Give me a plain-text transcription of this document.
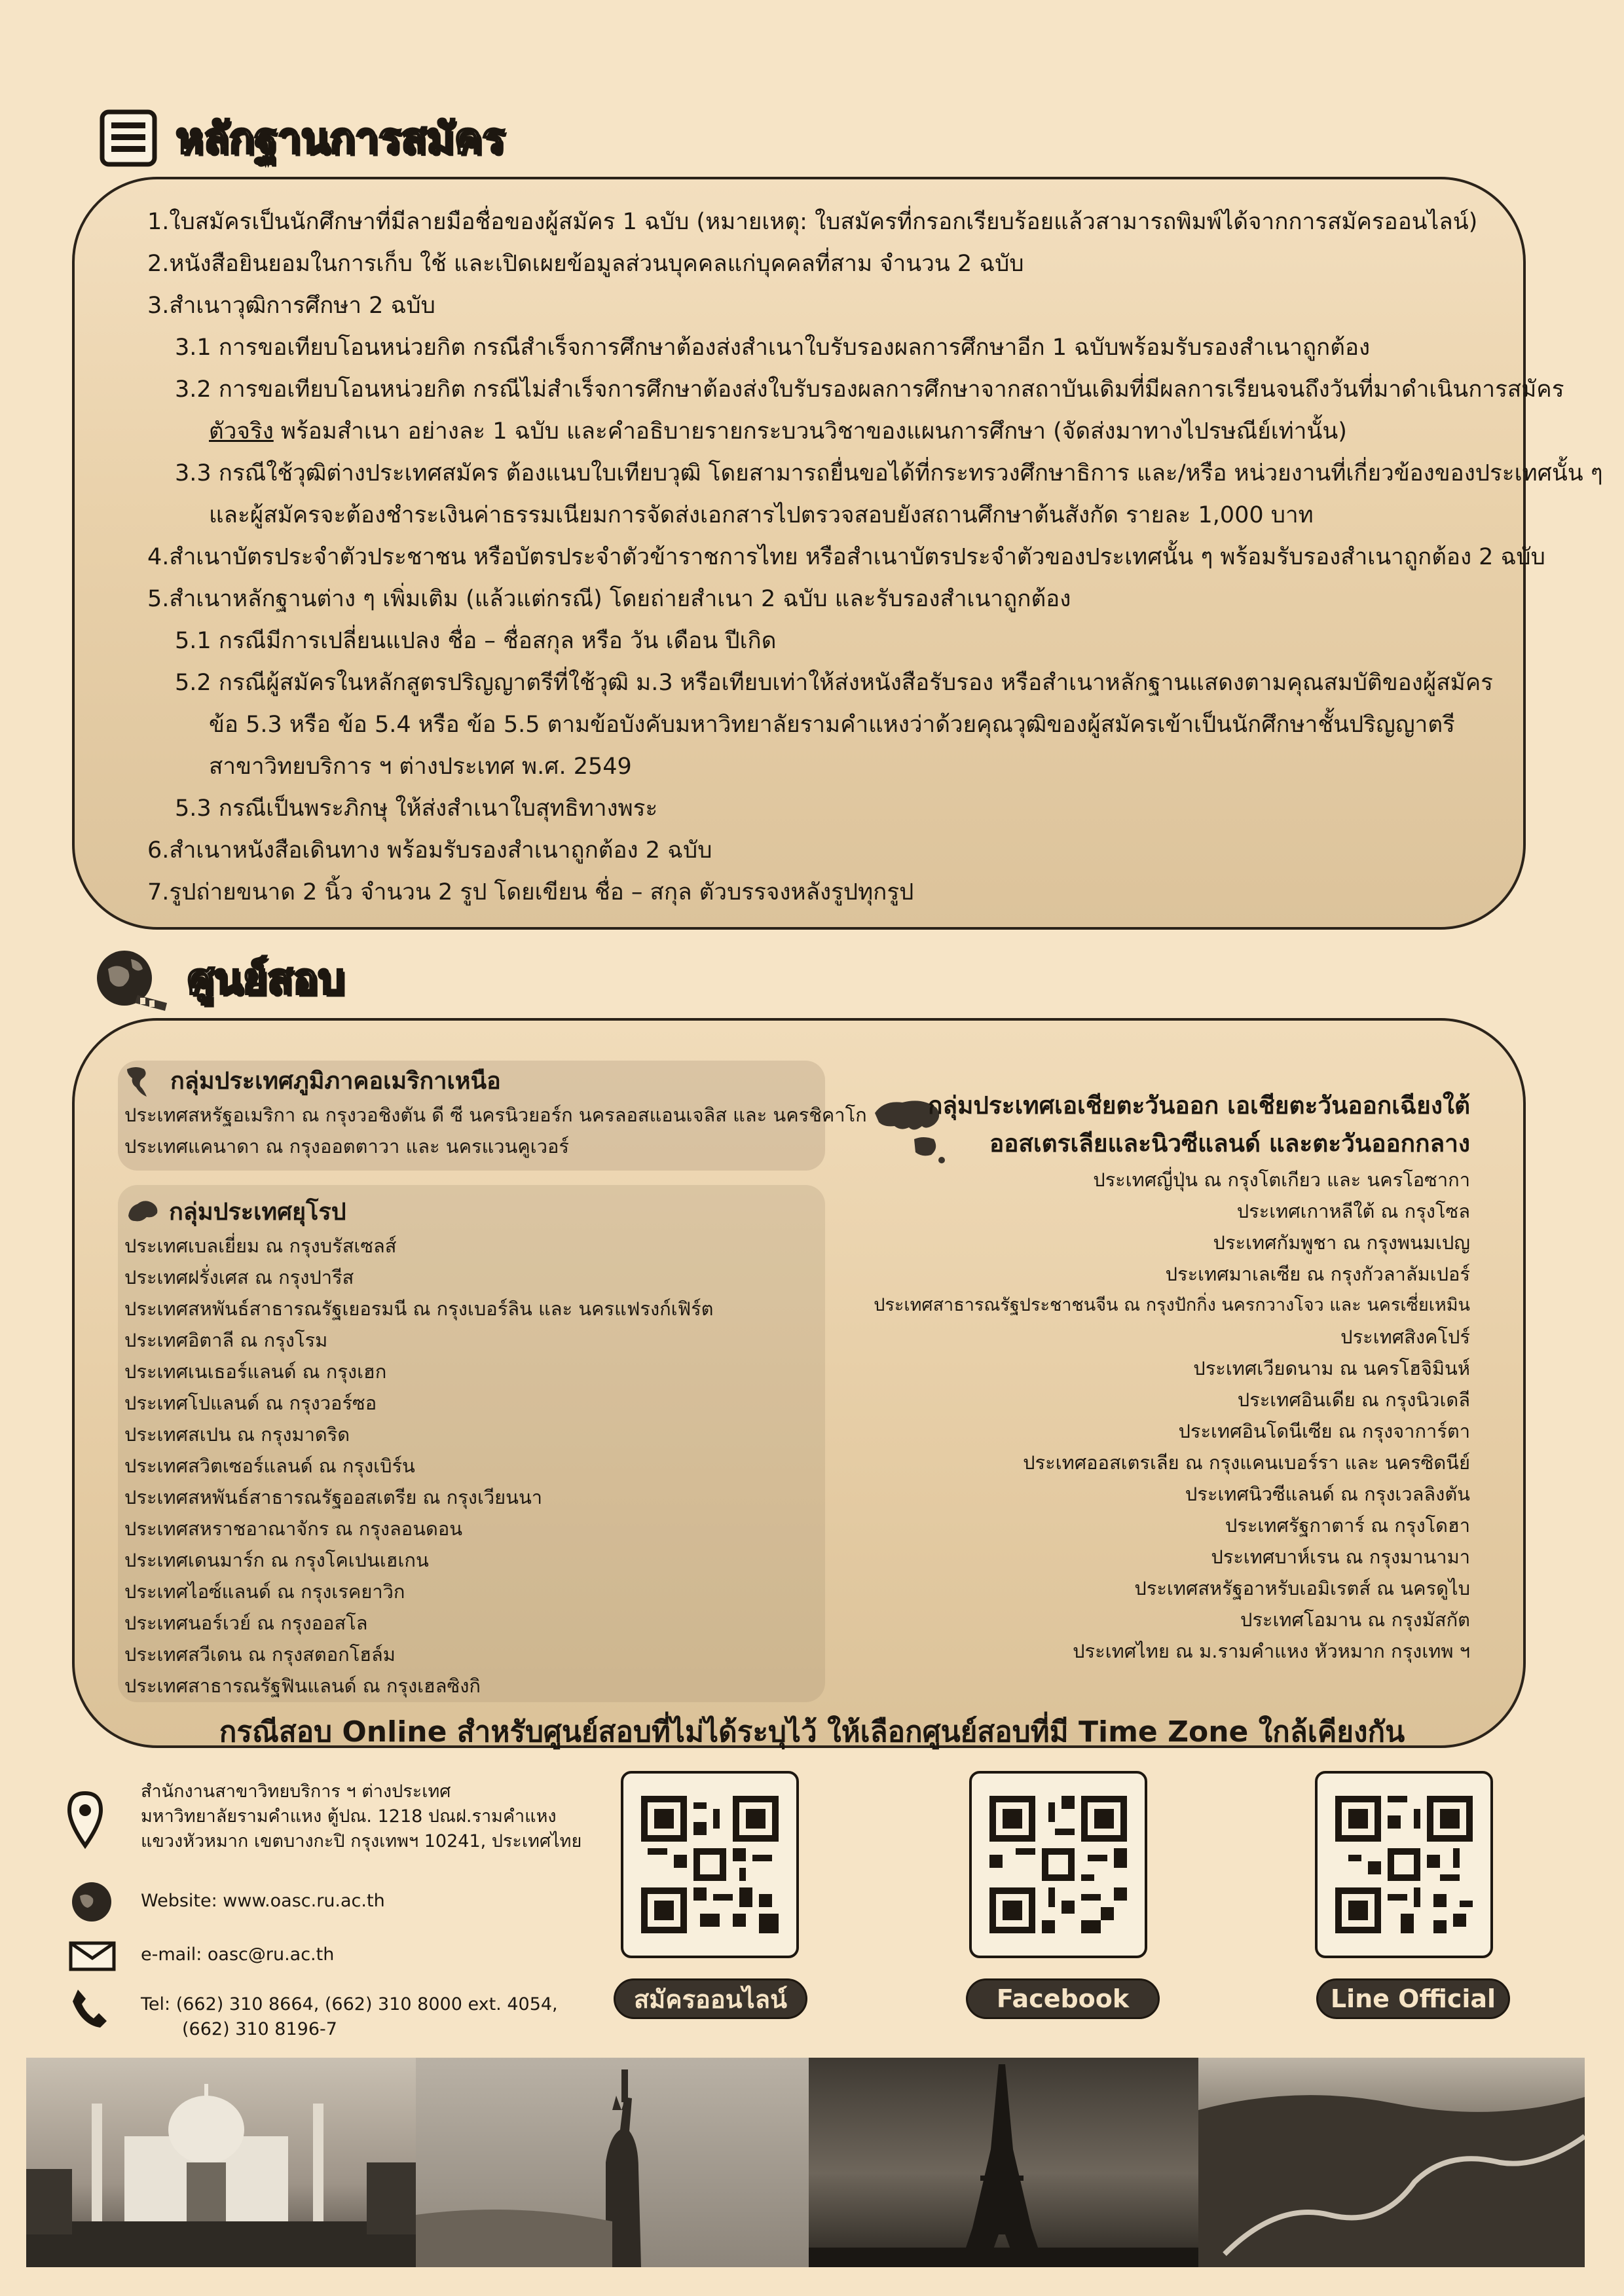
หลักฐานการสมัคร
1.ใบสมัครเป็นนักศึกษาที่มีลายมือชื่อของผู้สมัคร 1 ฉบับ (หมายเหตุ: ใบสมัครที่กรอกเรียบร้อยแล้วสามารถพิมพ์ได้จากการสมัครออนไลน์)
2.หนังสือยินยอมในการเก็บ ใช้ และเปิดเผยข้อมูลส่วนบุคคลแก่บุคคลที่สาม จำนวน 2 ฉบับ
3.สำเนาวุฒิการศึกษา 2 ฉบับ
3.1 การขอเทียบโอนหน่วยกิต กรณีสำเร็จการศึกษาต้องส่งสำเนาใบรับรองผลการศึกษาอีก 1 ฉบับพร้อมรับรองสำเนาถูกต้อง
3.2 การขอเทียบโอนหน่วยกิต กรณีไม่สำเร็จการศึกษาต้องส่งใบรับรองผลการศึกษาจากสถาบันเดิมที่มีผลการเรียนจนถึงวันที่มาดำเนินการสมัคร
ตัวจริง พร้อมสำเนา อย่างละ 1 ฉบับ และคำอธิบายรายกระบวนวิชาของแผนการศึกษา (จัดส่งมาทางไปรษณีย์เท่านั้น)
3.3 กรณีใช้วุฒิต่างประเทศสมัคร ต้องแนบใบเทียบวุฒิ โดยสามารถยื่นขอได้ที่กระทรวงศึกษาธิการ และ/หรือ หน่วยงานที่เกี่ยวข้องของประเทศนั้น ๆ
และผู้สมัครจะต้องชำระเงินค่าธรรมเนียมการจัดส่งเอกสารไปตรวจสอบยังสถานศึกษาต้นสังกัด รายละ 1,000 บาท
4.สำเนาบัตรประจำตัวประชาชน หรือบัตรประจำตัวข้าราชการไทย หรือสำเนาบัตรประจำตัวของประเทศนั้น ๆ พร้อมรับรองสำเนาถูกต้อง 2 ฉบับ
5.สำเนาหลักฐานต่าง ๆ เพิ่มเติม (แล้วแต่กรณี) โดยถ่ายสำเนา 2 ฉบับ และรับรองสำเนาถูกต้อง
5.1 กรณีมีการเปลี่ยนแปลง ชื่อ – ชื่อสกุล หรือ วัน เดือน ปีเกิด
5.2 กรณีผู้สมัครในหลักสูตรปริญญาตรีที่ใช้วุฒิ ม.3 หรือเทียบเท่าให้ส่งหนังสือรับรอง หรือสำเนาหลักฐานแสดงตามคุณสมบัติของผู้สมัคร
ข้อ 5.3 หรือ ข้อ 5.4 หรือ ข้อ 5.5 ตามข้อบังคับมหาวิทยาลัยรามคำแหงว่าด้วยคุณวุฒิของผู้สมัครเข้าเป็นนักศึกษาชั้นปริญญาตรี
สาขาวิทยบริการ ฯ ต่างประเทศ พ.ศ. 2549
5.3 กรณีเป็นพระภิกษุ ให้ส่งสำเนาใบสุทธิทางพระ
6.สำเนาหนังสือเดินทาง พร้อมรับรองสำเนาถูกต้อง 2 ฉบับ
7.รูปถ่ายขนาด 2 นิ้ว จำนวน 2 รูป โดยเขียน ชื่อ – สกุล ตัวบรรจงหลังรูปทุกรูป
ศูนย์สอบ
กลุ่มประเทศภูมิภาคอเมริกาเหนือ
ประเทศสหรัฐอเมริกา ณ กรุงวอชิงตัน ดี ซี นครนิวยอร์ก นครลอสแอนเจลิส และ นครชิคาโก
ประเทศแคนาดา ณ กรุงออตตาวา และ นครแวนคูเวอร์
กลุ่มประเทศยุโรป
ประเทศเบลเยี่ยม ณ กรุงบรัสเซลส์
ประเทศฝรั่งเศส ณ กรุงปารีส
ประเทศสหพันธ์สาธารณรัฐเยอรมนี ณ กรุงเบอร์ลิน และ นครแฟรงก์เฟิร์ต
ประเทศอิตาลี ณ กรุงโรม
ประเทศเนเธอร์แลนด์ ณ กรุงเฮก
ประเทศโปแลนด์ ณ กรุงวอร์ซอ
ประเทศสเปน ณ กรุงมาดริด
ประเทศสวิตเซอร์แลนด์ ณ กรุงเบิร์น
ประเทศสหพันธ์สาธารณรัฐออสเตรีย ณ กรุงเวียนนา
ประเทศสหราชอาณาจักร ณ กรุงลอนดอน
ประเทศเดนมาร์ก ณ กรุงโคเปนเฮเกน
ประเทศไอซ์แลนด์ ณ กรุงเรคยาวิก
ประเทศนอร์เวย์ ณ กรุงออสโล
ประเทศสวีเดน ณ กรุงสตอกโฮล์ม
ประเทศสาธารณรัฐฟินแลนด์ ณ กรุงเฮลซิงกิ
กลุ่มประเทศเอเชียตะวันออก เอเชียตะวันออกเฉียงใต้
ออสเตรเลียและนิวซีแลนด์ และตะวันออกกลาง
ประเทศญี่ปุ่น ณ กรุงโตเกียว และ นครโอซากา
ประเทศเกาหลีใต้ ณ กรุงโซล
ประเทศกัมพูชา ณ กรุงพนมเปญ
ประเทศมาเลเซีย ณ กรุงกัวลาลัมเปอร์
ประเทศสาธารณรัฐประชาชนจีน ณ กรุงปักกิ่ง นครกวางโจว และ นครเซี่ยเหมิน
ประเทศสิงคโปร์
ประเทศเวียดนาม ณ นครโฮจิมินห์
ประเทศอินเดีย ณ กรุงนิวเดลี
ประเทศอินโดนีเซีย ณ กรุงจาการ์ตา
ประเทศออสเตรเลีย ณ กรุงแคนเบอร์รา และ นครซิดนีย์
ประเทศนิวซีแลนด์ ณ กรุงเวลลิงตัน
ประเทศรัฐกาตาร์ ณ กรุงโดฮา
ประเทศบาห์เรน ณ กรุงมานามา
ประเทศสหรัฐอาหรับเอมิเรตส์ ณ นครดูไบ
ประเทศโอมาน ณ กรุงมัสกัต
ประเทศไทย ณ ม.รามคำแหง หัวหมาก กรุงเทพ ฯ
กรณีสอบ Online สำหรับศูนย์สอบที่ไม่ได้ระบุไว้ ให้เลือกศูนย์สอบที่มี Time Zone ใกล้เคียงกัน
สำนักงานสาขาวิทยบริการ ฯ ต่างประเทศ
มหาวิทยาลัยรามคำแหง ตู้ปณ. 1218 ปณฝ.รามคำแหง
แขวงหัวหมาก เขตบางกะปิ กรุงเทพฯ 10241, ประเทศไทย
Website: www.oasc.ru.ac.th
e-mail: oasc@ru.ac.th
Tel: (662) 310 8664, (662) 310 8000 ext. 4054,
(662) 310 8196-7
สมัครออนไลน์	Facebook	Line Official
